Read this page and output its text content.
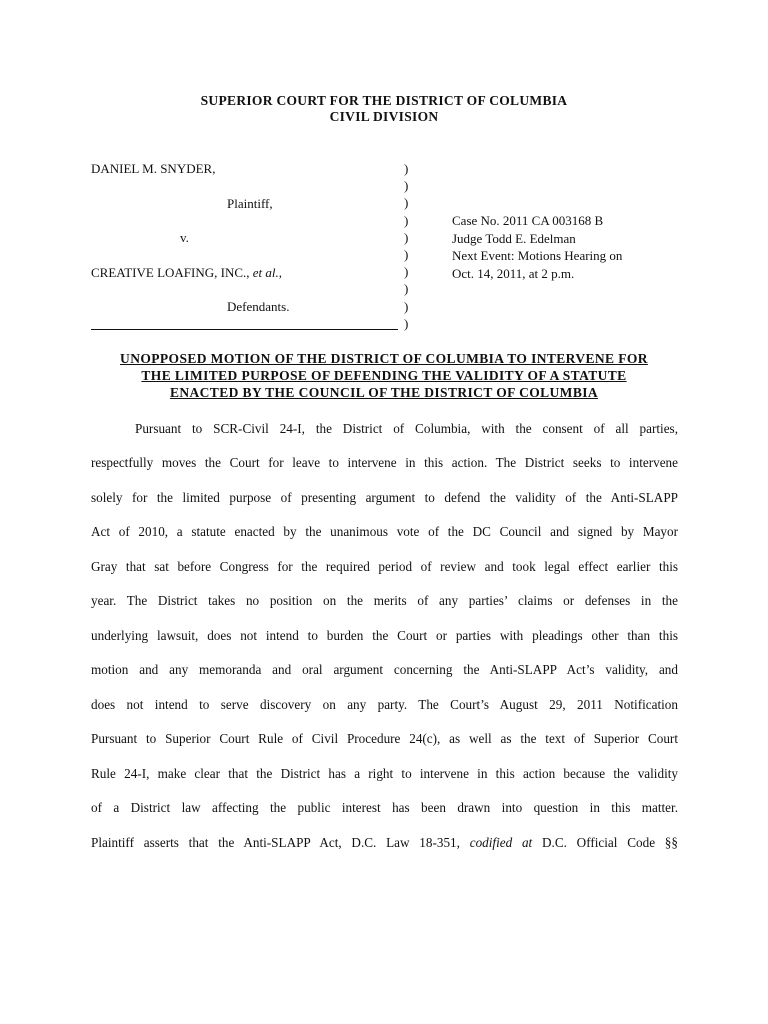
SUPERIOR COURT FOR THE DISTRICT OF COLUMBIA
CIVIL DIVISION
DANIEL M. SNYDER,
Plaintiff,
v.
CREATIVE LOAFING, INC., et al.,
Defendants.
)
)
)
)
)
)
)
)
)
)
Case No. 2011 CA 003168 B
Judge Todd E. Edelman
Next Event: Motions Hearing on
Oct. 14, 2011, at 2 p.m.
UNOPPOSED MOTION OF THE DISTRICT OF COLUMBIA TO INTERVENE FOR
THE LIMITED PURPOSE OF DEFENDING THE VALIDITY OF A STATUTE
ENACTED BY THE COUNCIL OF THE DISTRICT OF COLUMBIA
Pursuant to SCR-Civil 24-I, the District of Columbia, with the consent of all parties,
respectfully moves the Court for leave to intervene in this action. The District seeks to intervene
solely for the limited purpose of presenting argument to defend the validity of the Anti-SLAPP
Act of 2010, a statute enacted by the unanimous vote of the DC Council and signed by Mayor
Gray that sat before Congress for the required period of review and took legal effect earlier this
year. The District takes no position on the merits of any parties’ claims or defenses in the
underlying lawsuit, does not intend to burden the Court or parties with pleadings other than this
motion and any memoranda and oral argument concerning the Anti-SLAPP Act’s validity, and
does not intend to serve discovery on any party. The Court’s August 29, 2011 Notification
Pursuant to Superior Court Rule of Civil Procedure 24(c), as well as the text of Superior Court
Rule 24-I, make clear that the District has a right to intervene in this action because the validity
of a District law affecting the public interest has been drawn into question in this matter.
Plaintiff asserts that the Anti-SLAPP Act, D.C. Law 18-351, codified at D.C. Official Code §§
